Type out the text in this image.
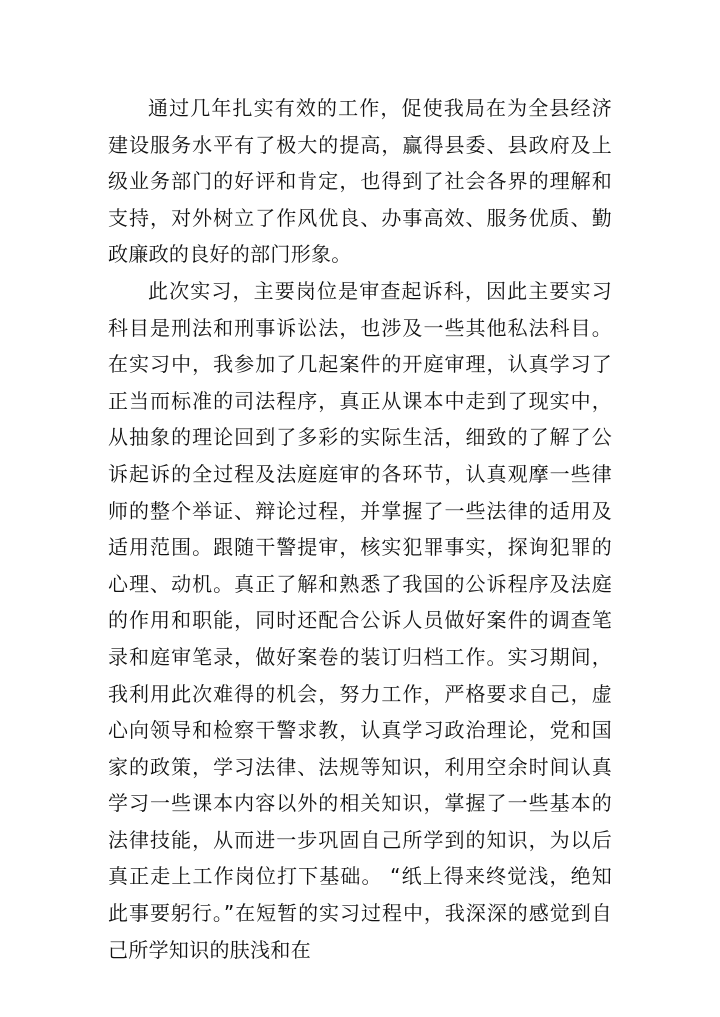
通过几年扎实有效的工作，促使我局在为全县经济建设服务水平有了极大的提高，赢得县委、县政府及上级业务部门的好评和肯定，也得到了社会各界的理解和支持，对外树立了作风优良、办事高效、服务优质、勤政廉政的良好的部门形象。

此次实习，主要岗位是审查起诉科，因此主要实习科目是刑法和刑事诉讼法，也涉及一些其他私法科目。在实习中，我参加了几起案件的开庭审理，认真学习了正当而标准的司法程序，真正从课本中走到了现实中，从抽象的理论回到了多彩的实际生活，细致的了解了公诉起诉的全过程及法庭庭审的各环节，认真观摩一些律师的整个举证、辩论过程，并掌握了一些法律的适用及适用范围。跟随干警提审，核实犯罪事实，探询犯罪的心理、动机。真正了解和熟悉了我国的公诉程序及法庭的作用和职能，同时还配合公诉人员做好案件的调查笔录和庭审笔录，做好案卷的装订归档工作。实习期间，我利用此次难得的机会，努力工作，严格要求自己，虚心向领导和检察干警求教，认真学习政治理论，党和国家的政策，学习法律、法规等知识，利用空余时间认真学习一些课本内容以外的相关知识，掌握了一些基本的法律技能，从而进一步巩固自己所学到的知识，为以后真正走上工作岗位打下基础。 “纸上得来终觉浅，绝知此事要躬行。”在短暂的实习过程中，我深深的感觉到自己所学知识的肤浅和在
